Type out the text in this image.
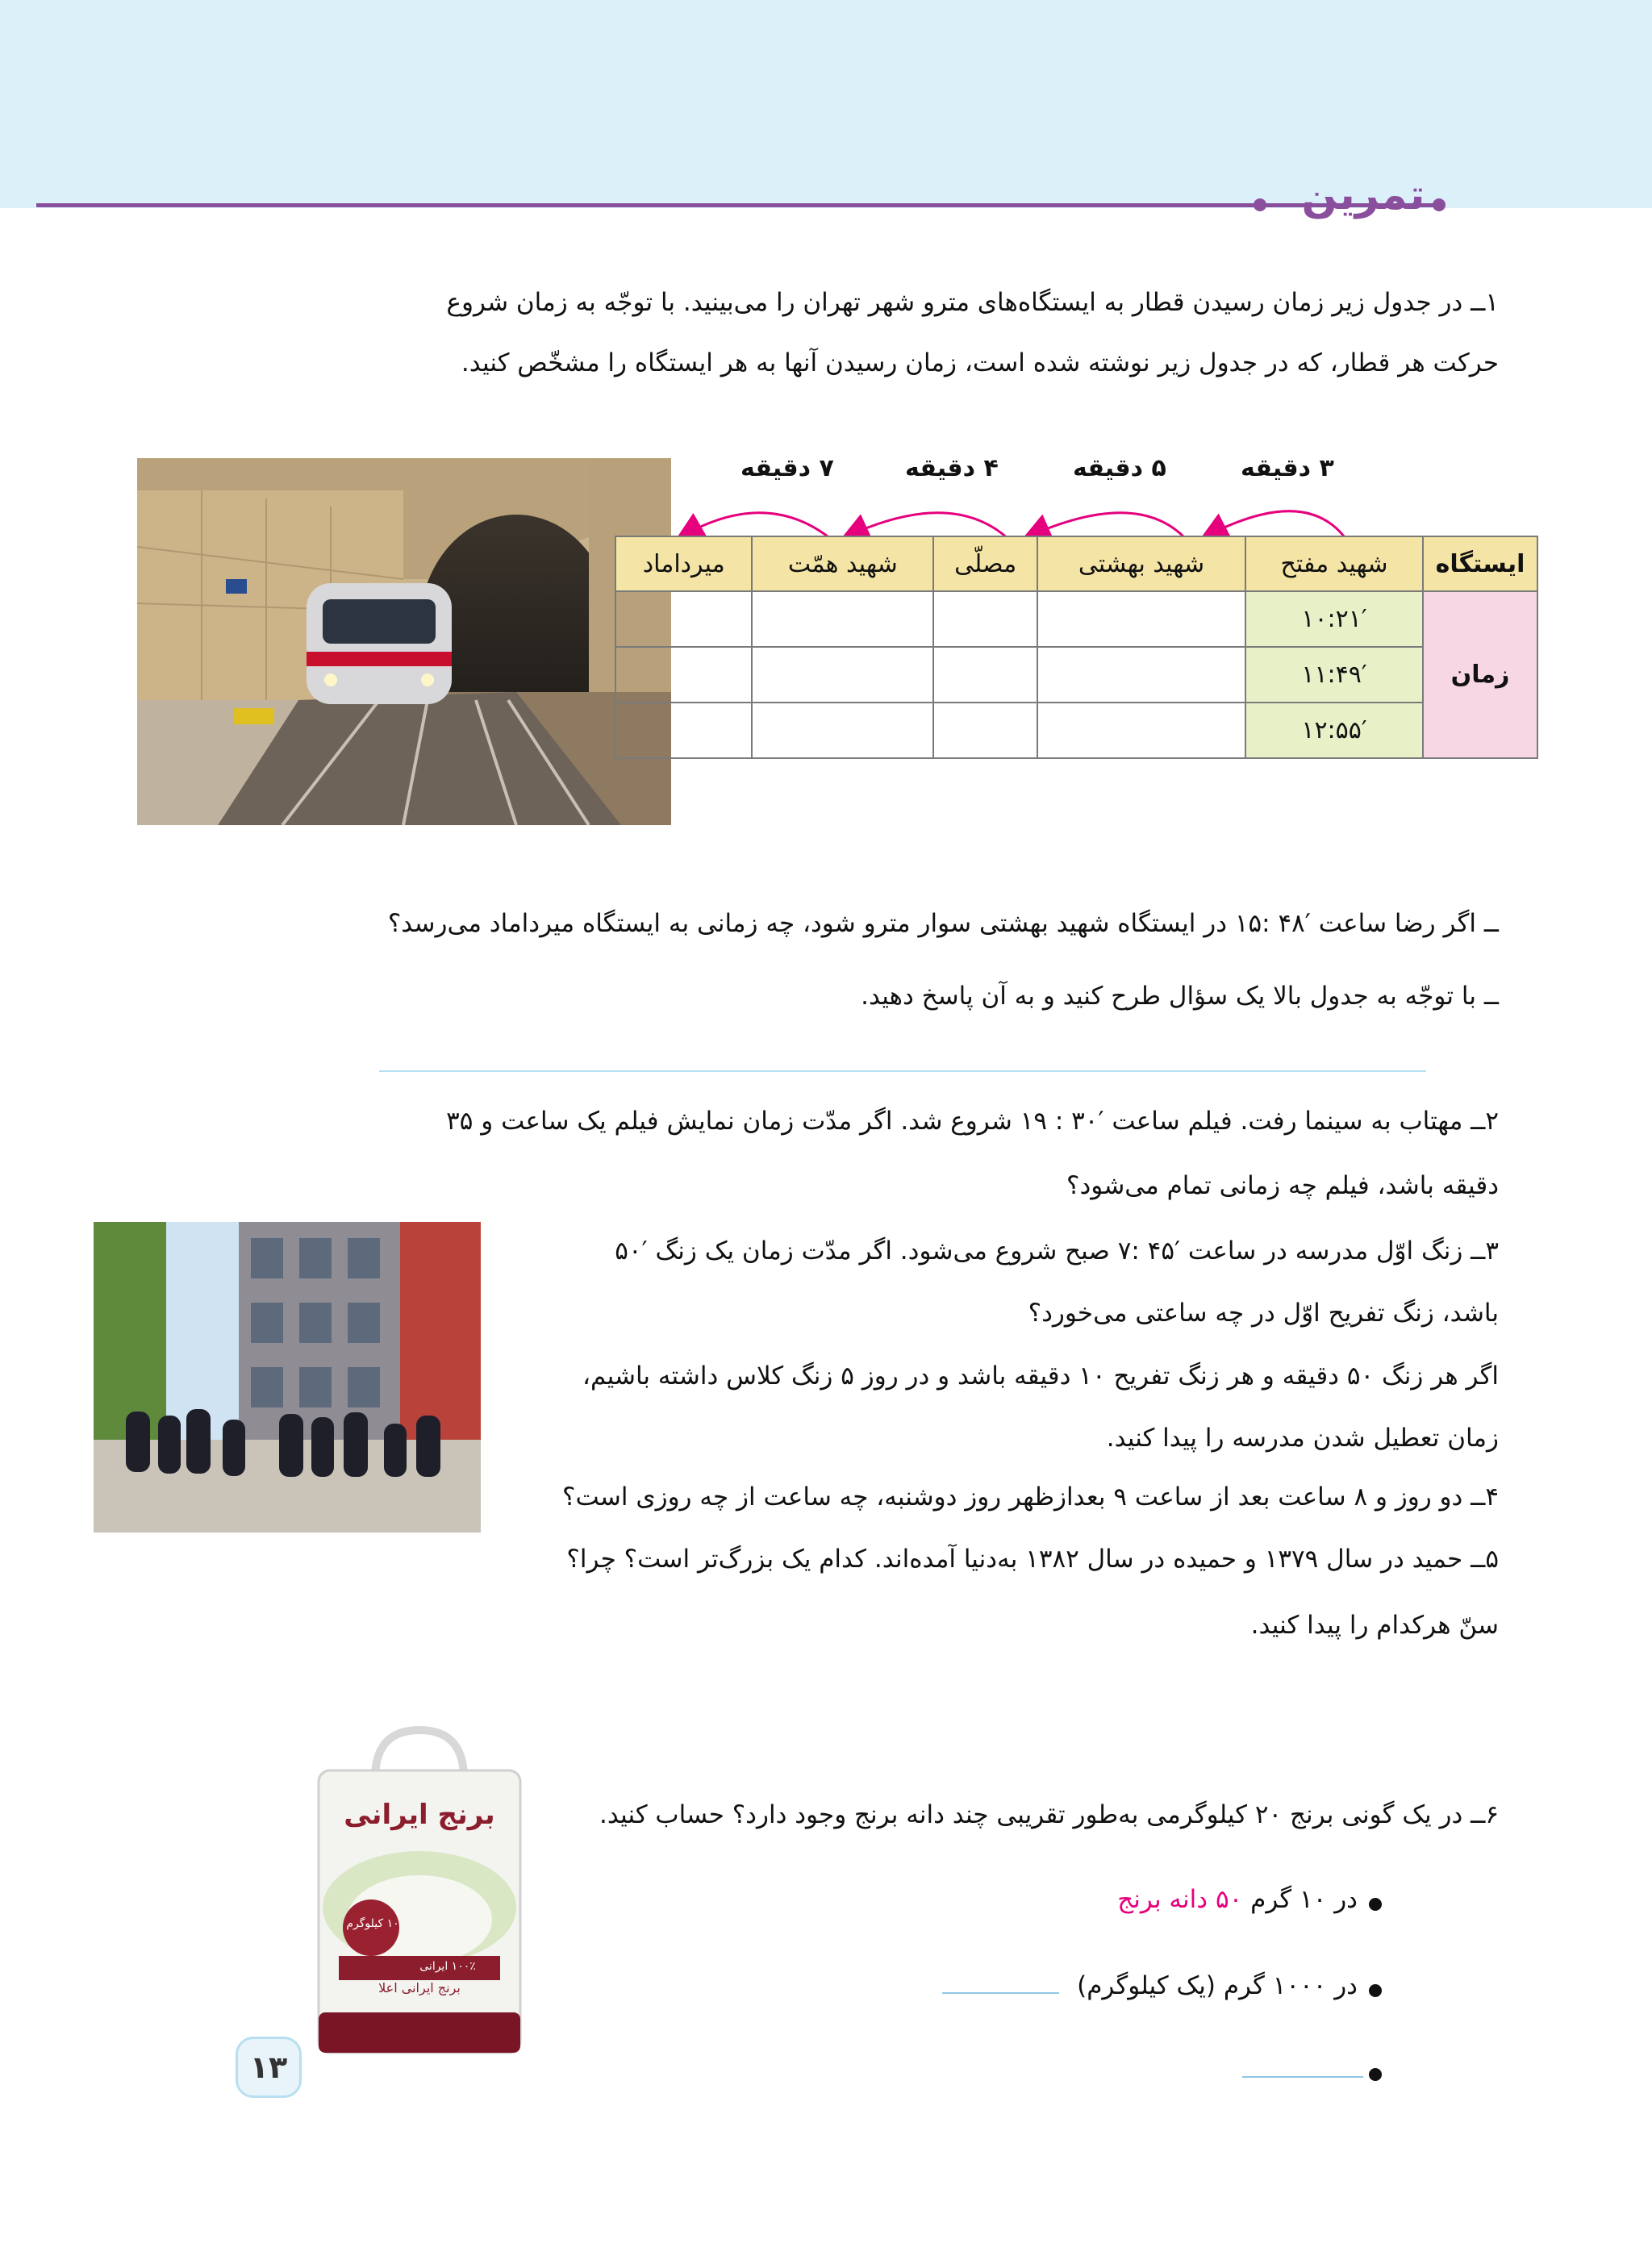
تمرین
۱ــ در جدول زیر زمان رسیدن قطار به ایستگاه‌های مترو شهر تهران را می‌بینید. با توجّه به زمان شروع
حرکت هر قطار، که در جدول زیر نوشته شده است، زمان رسیدن آنها به هر ایستگاه را مشخّص کنید.
۳ دقیقه
۵ دقیقه
۴ دقیقه
۷ دقیقه
ایستگاه	شهید مفتح	شهید بهشتی	مصلّی	شهید همّت	میرداماد
زمان	۱۰:۲۱′				
	۱۱:۴۹′				
	۱۲:۵۵′				
ــ اگر رضا ساعت ′۴۸ :۱۵ در ایستگاه شهید بهشتی سوار مترو شود، چه زمانی به ایستگاه میرداماد می‌رسد؟
ــ با توجّه به جدول بالا یک سؤال طرح کنید و به آن پاسخ دهید.
۲ــ مهتاب به سینما رفت. فیلم ساعت ′۳۰ : ۱۹ شروع شد. اگر مدّت زمان نمایش فیلم یک ساعت و ۳۵
دقیقه باشد، فیلم چه زمانی تمام می‌شود؟
۳ــ زنگ اوّل مدرسه در ساعت ′۴۵ :۷ صبح شروع می‌شود. اگر مدّت زمان یک زنگ ′۵۰
باشد، زنگ تفریح اوّل در چه ساعتی می‌خورد؟
اگر هر زنگ ۵۰ دقیقه و هر زنگ تفریح ۱۰ دقیقه باشد و در روز ۵ زنگ کلاس داشته باشیم،
زمان تعطیل شدن مدرسه را پیدا کنید.
۴ــ دو روز و ۸ ساعت بعد از ساعت ۹ بعدازظهر روز دوشنبه، چه ساعت از چه روزی است؟
۵ــ حمید در سال ۱۳۷۹ و حمیده در سال ۱۳۸۲ به‌دنیا آمده‌اند. کدام یک بزرگ‌تر است؟ چرا؟
سنّ هرکدام را پیدا کنید.
برنج ایرانی
۱۰ کیلوگرم
۱۰۰٪ ایرانی
برنج ایرانی اعلا
۶ــ در یک گونی برنج ۲۰ کیلوگرمی به‌طور تقریبی چند دانه برنج وجود دارد؟ حساب کنید.
در ۱۰ گرم ۵۰ دانه برنج
در ۱۰۰۰ گرم (یک کیلوگرم)
۱۳
